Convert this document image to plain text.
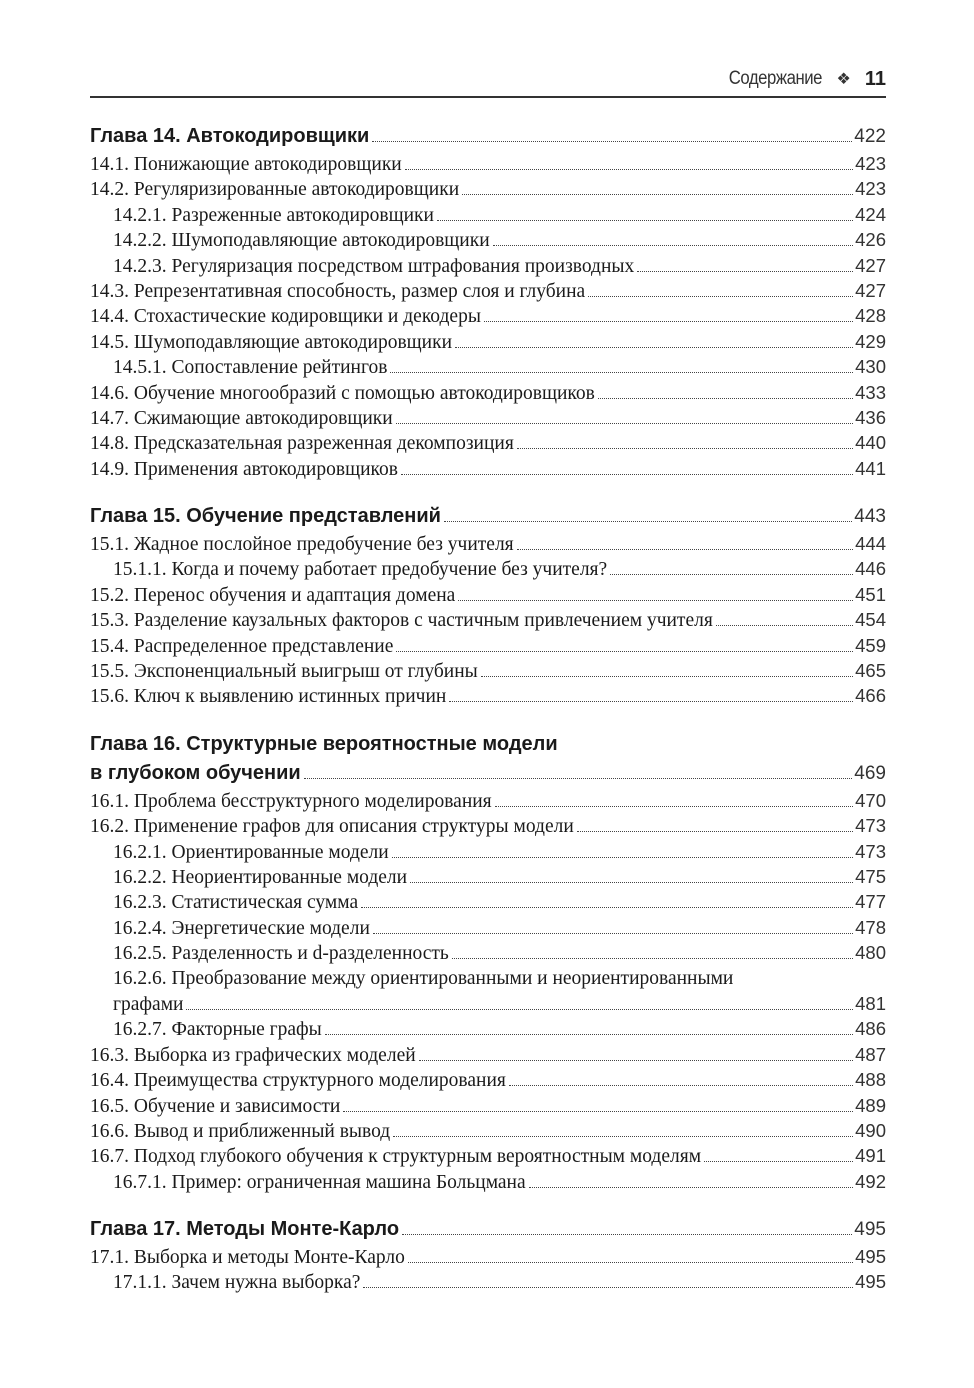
Содержание ❖ 11
Глава 14. Автокодировщики	422
14.1. Понижающие автокодировщики	423
14.2. Регуляризированные автокодировщики	423
14.2.1. Разреженные автокодировщики	424
14.2.2. Шумоподавляющие автокодировщики	426
14.2.3. Регуляризация посредством штрафования производных	427
14.3. Репрезентативная способность, размер слоя и глубина	427
14.4. Стохастические кодировщики и декодеры	428
14.5. Шумоподавляющие автокодировщики	429
14.5.1. Сопоставление рейтингов	430
14.6. Обучение многообразий с помощью автокодировщиков	433
14.7. Сжимающие автокодировщики	436
14.8. Предсказательная разреженная декомпозиция	440
14.9. Применения автокодировщиков	441
Глава 15. Обучение представлений	443
15.1. Жадное послойное предобучение без учителя	444
15.1.1. Когда и почему работает предобучение без учителя?	446
15.2. Перенос обучения и адаптация домена	451
15.3. Разделение каузальных факторов с частичным привлечением учителя	454
15.4. Распределенное представление	459
15.5. Экспоненциальный выигрыш от глубины	465
15.6. Ключ к выявлению истинных причин	466
Глава 16. Структурные вероятностные модели
в глубоком обучении	469
16.1. Проблема бесструктурного моделирования	470
16.2. Применение графов для описания структуры модели	473
16.2.1. Ориентированные модели	473
16.2.2. Неориентированные модели	475
16.2.3. Статистическая сумма	477
16.2.4. Энергетические модели	478
16.2.5. Разделенность и d-разделенность	480
16.2.6. Преобразование между ориентированными и неориентированными
графами	481
16.2.7. Факторные графы	486
16.3. Выборка из графических моделей	487
16.4. Преимущества структурного моделирования	488
16.5. Обучение и зависимости	489
16.6. Вывод и приближенный вывод	490
16.7. Подход глубокого обучения к структурным вероятностным моделям	491
16.7.1. Пример: ограниченная машина Больцмана	492
Глава 17. Методы Монте-Карло	495
17.1. Выборка и методы Монте-Карло	495
17.1.1. Зачем нужна выборка?	495
